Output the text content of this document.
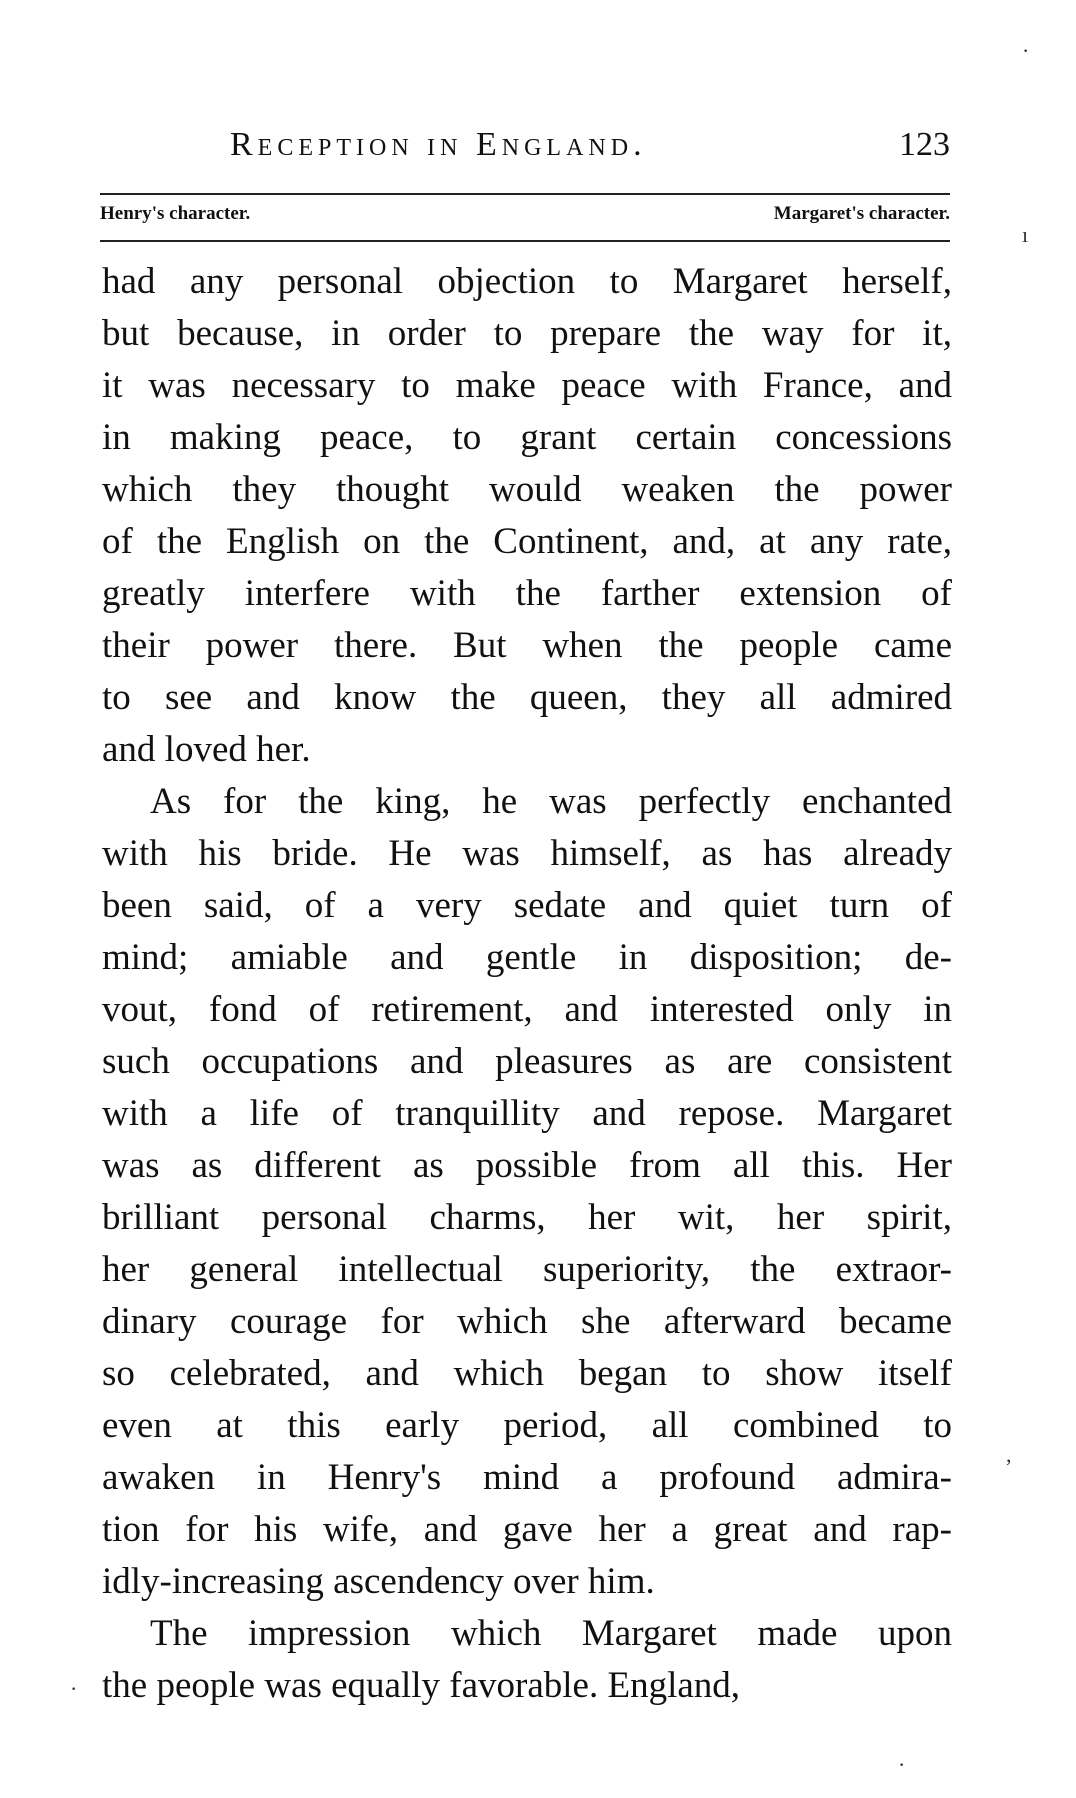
Reception in England.	123
Henry's character.	Margaret's character.
had any personal objection to Margaret herself,
but because, in order to prepare the way for it,
it was necessary to make peace with France, and
in making peace, to grant certain concessions
which they thought would weaken the power
of the English on the Continent, and, at any rate,
greatly interfere with the farther extension of
their power there. But when the people came
to see and know the queen, they all admired
and loved her.
As for the king, he was perfectly enchanted
with his bride. He was himself, as has already
been said, of a very sedate and quiet turn of
mind; amiable and gentle in disposition; de-
vout, fond of retirement, and interested only in
such occupations and pleasures as are consistent
with a life of tranquillity and repose. Margaret
was as different as possible from all this. Her
brilliant personal charms, her wit, her spirit,
her general intellectual superiority, the extraor-
dinary courage for which she afterward became
so celebrated, and which began to show itself
even at this early period, all combined to
awaken in Henry's mind a profound admira-
tion for his wife, and gave her a great and rap-
idly-increasing ascendency over him.
The impression which Margaret made upon
the people was equally favorable. England,
·
ı
,
·
·
